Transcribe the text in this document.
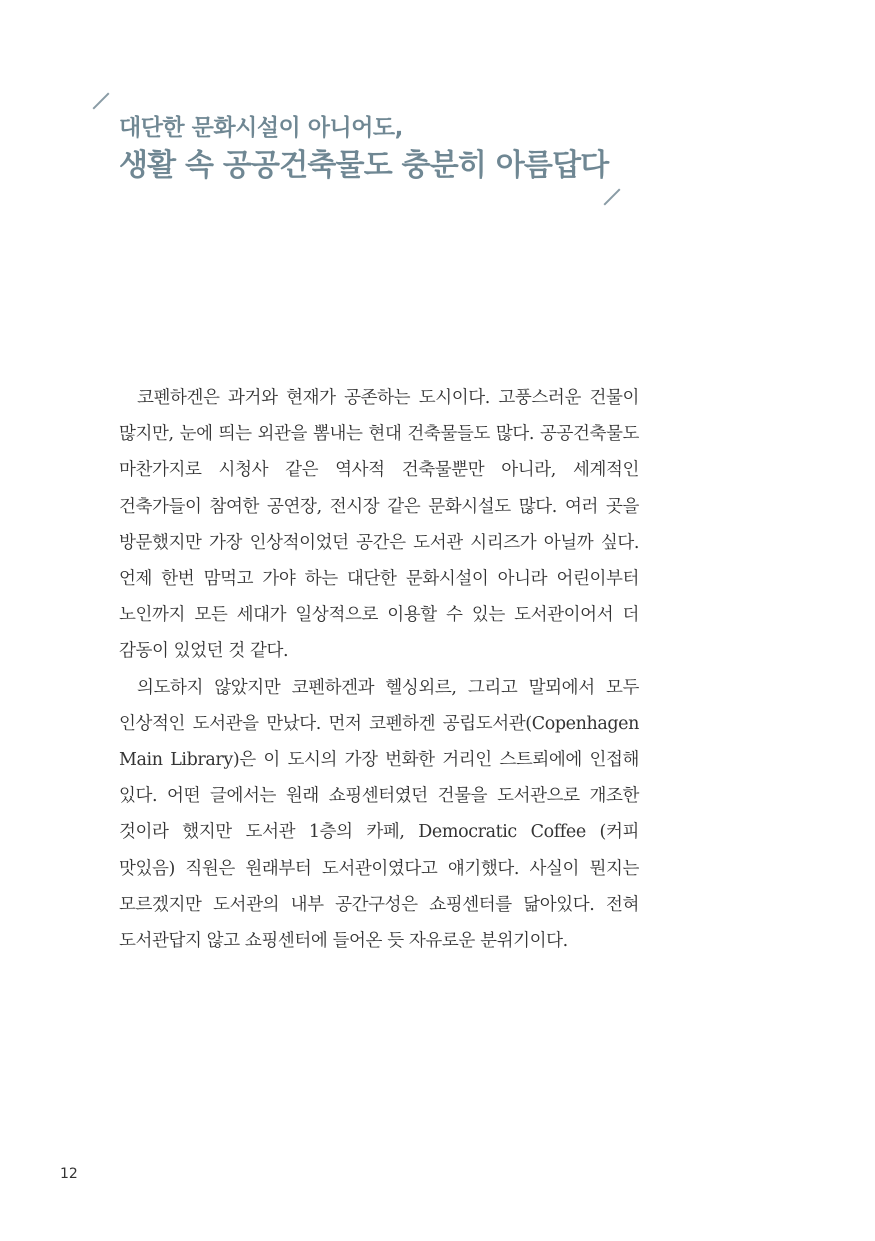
대단한 문화시설이 아니어도,
생활 속 공공건축물도 충분히 아름답다

코펜하겐은 과거와 현재가 공존하는 도시이다. 고풍스러운 건물이 많지만, 눈에 띄는 외관을 뽐내는 현대 건축물들도 많다. 공공건축물도 마찬가지로 시청사 같은 역사적 건축물뿐만 아니라, 세계적인 건축가들이 참여한 공연장, 전시장 같은 문화시설도 많다. 여러 곳을 방문했지만 가장 인상적이었던 공간은 도서관 시리즈가 아닐까 싶다. 언제 한번 맘먹고 가야 하는 대단한 문화시설이 아니라 어린이부터 노인까지 모든 세대가 일상적으로 이용할 수 있는 도서관이어서 더 감동이 있었던 것 같다.

의도하지 않았지만 코펜하겐과 헬싱외르, 그리고 말뫼에서 모두 인상적인 도서관을 만났다. 먼저 코펜하겐 공립도서관(Copenhagen Main Library)은 이 도시의 가장 번화한 거리인 스트뢰에에 인접해 있다. 어떤 글에서는 원래 쇼핑센터였던 건물을 도서관으로 개조한 것이라 했지만 도서관 1층의 카페, Democratic Coffee (커피 맛있음) 직원은 원래부터 도서관이였다고 얘기했다. 사실이 뭔지는 모르겠지만 도서관의 내부 공간구성은 쇼핑센터를 닮아있다. 전혀 도서관답지 않고 쇼핑센터에 들어온 듯 자유로운 분위기이다.

12
